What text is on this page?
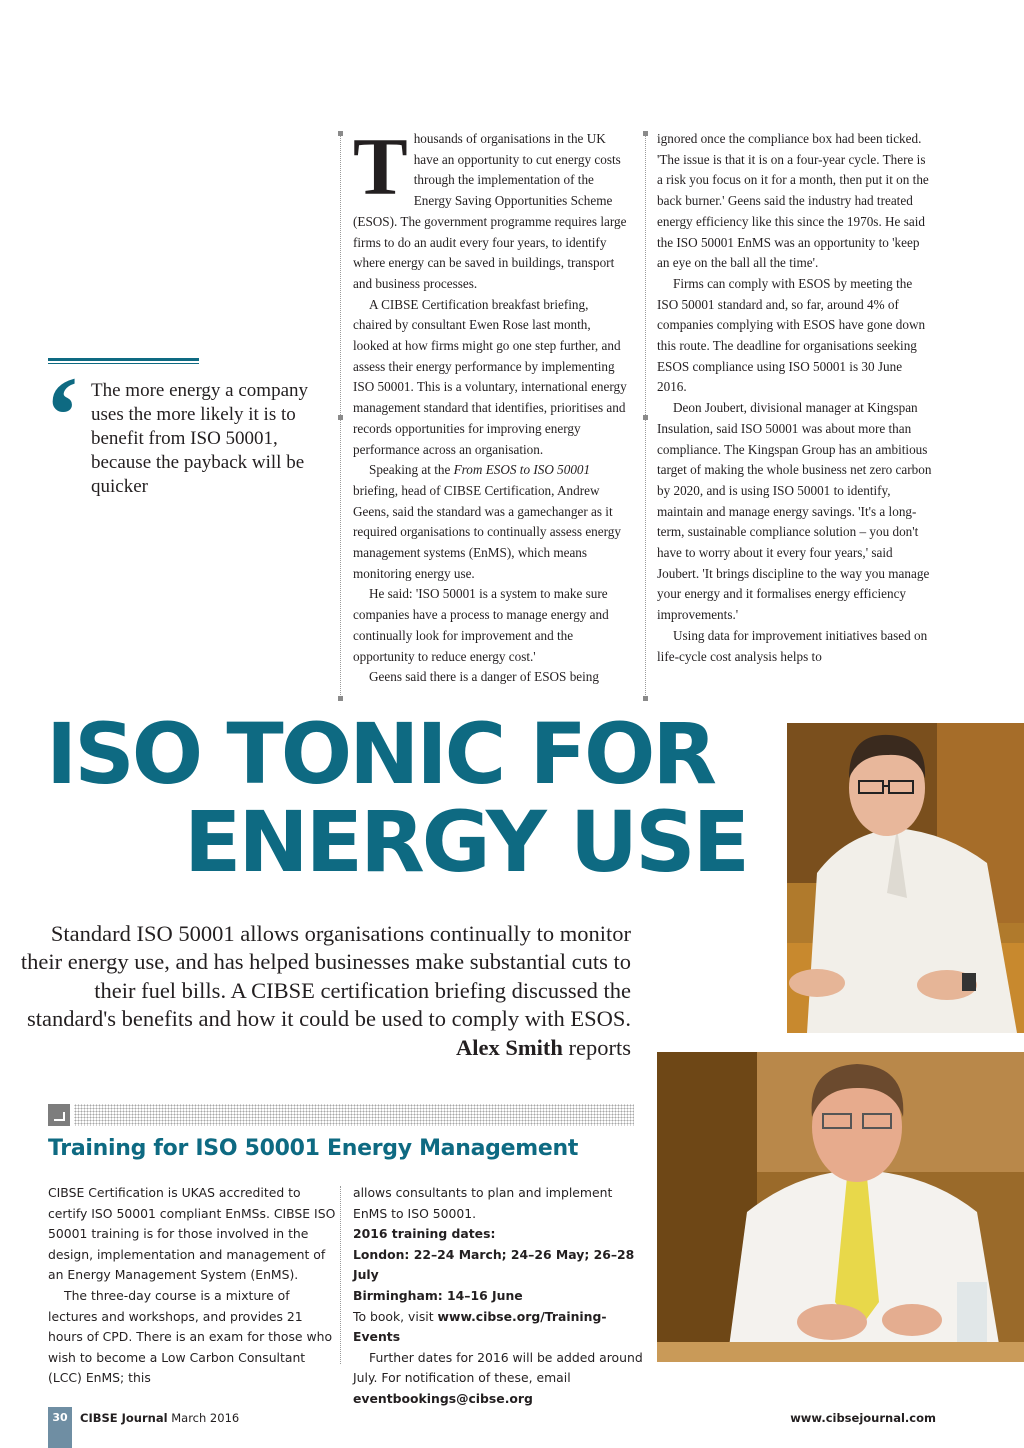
‘ The more energy a company uses the more likely it is to benefit from ISO 50001, because the payback will be quicker

Thousands of organisations in the UK have an opportunity to cut energy costs through the implementation of the Energy Saving Opportunities Scheme (ESOS). The government programme requires large firms to do an audit every four years, to identify where energy can be saved in buildings, transport and business processes.

A CIBSE Certification breakfast briefing, chaired by consultant Ewen Rose last month, looked at how firms might go one step further, and assess their energy performance by implementing ISO 50001. This is a voluntary, international energy management standard that identifies, prioritises and records opportunities for improving energy performance across an organisation.

Speaking at the From ESOS to ISO 50001 briefing, head of CIBSE Certification, Andrew Geens, said the standard was a gamechanger as it required organisations to continually assess energy management systems (EnMS), which means monitoring energy use.

He said: 'ISO 50001 is a system to make sure companies have a process to manage energy and continually look for improvement and the opportunity to reduce energy cost.'

Geens said there is a danger of ESOS being

ignored once the compliance box had been ticked. 'The issue is that it is on a four-year cycle. There is a risk you focus on it for a month, then put it on the back burner.' Geens said the industry had treated energy efficiency like this since the 1970s. He said the ISO 50001 EnMS was an opportunity to 'keep an eye on the ball all the time'.

Firms can comply with ESOS by meeting the ISO 50001 standard and, so far, around 4% of companies complying with ESOS have gone down this route. The deadline for organisations seeking ESOS compliance using ISO 50001 is 30 June 2016.

Deon Joubert, divisional manager at Kingspan Insulation, said ISO 50001 was about more than compliance. The Kingspan Group has an ambitious target of making the whole business net zero carbon by 2020, and is using ISO 50001 to identify, maintain and manage energy savings. 'It's a long-term, sustainable compliance solution – you don't have to worry about it every four years,' said Joubert. 'It brings discipline to the way you manage your energy and it formalises energy efficiency improvements.'

Using data for improvement initiatives based on life-cycle cost analysis helps to

ISO TONIC FOR
ENERGY USE
Standard ISO 50001 allows organisations continually to monitor their energy use, and has helped businesses make substantial cuts to their fuel bills. A CIBSE certification briefing discussed the standard's benefits and how it could be used to comply with ESOS. Alex Smith reports
Training for ISO 50001 Energy Management

CIBSE Certification is UKAS accredited to certify ISO 50001 compliant EnMSs. CIBSE ISO 50001 training is for those involved in the design, implementation and management of an Energy Management System (EnMS).

The three-day course is a mixture of lectures and workshops, and provides 21 hours of CPD. There is an exam for those who wish to become a Low Carbon Consultant (LCC) EnMS; this

allows consultants to plan and implement EnMS to ISO 50001.

2016 training dates:

London: 22–24 March; 24–26 May; 26–28 July

Birmingham: 14–16 June

To book, visit www.cibse.org/Training-Events

Further dates for 2016 will be added around July. For notification of these, email

eventbookings@cibse.org

30	CIBSE Journal March 2016	www.cibsejournal.com
